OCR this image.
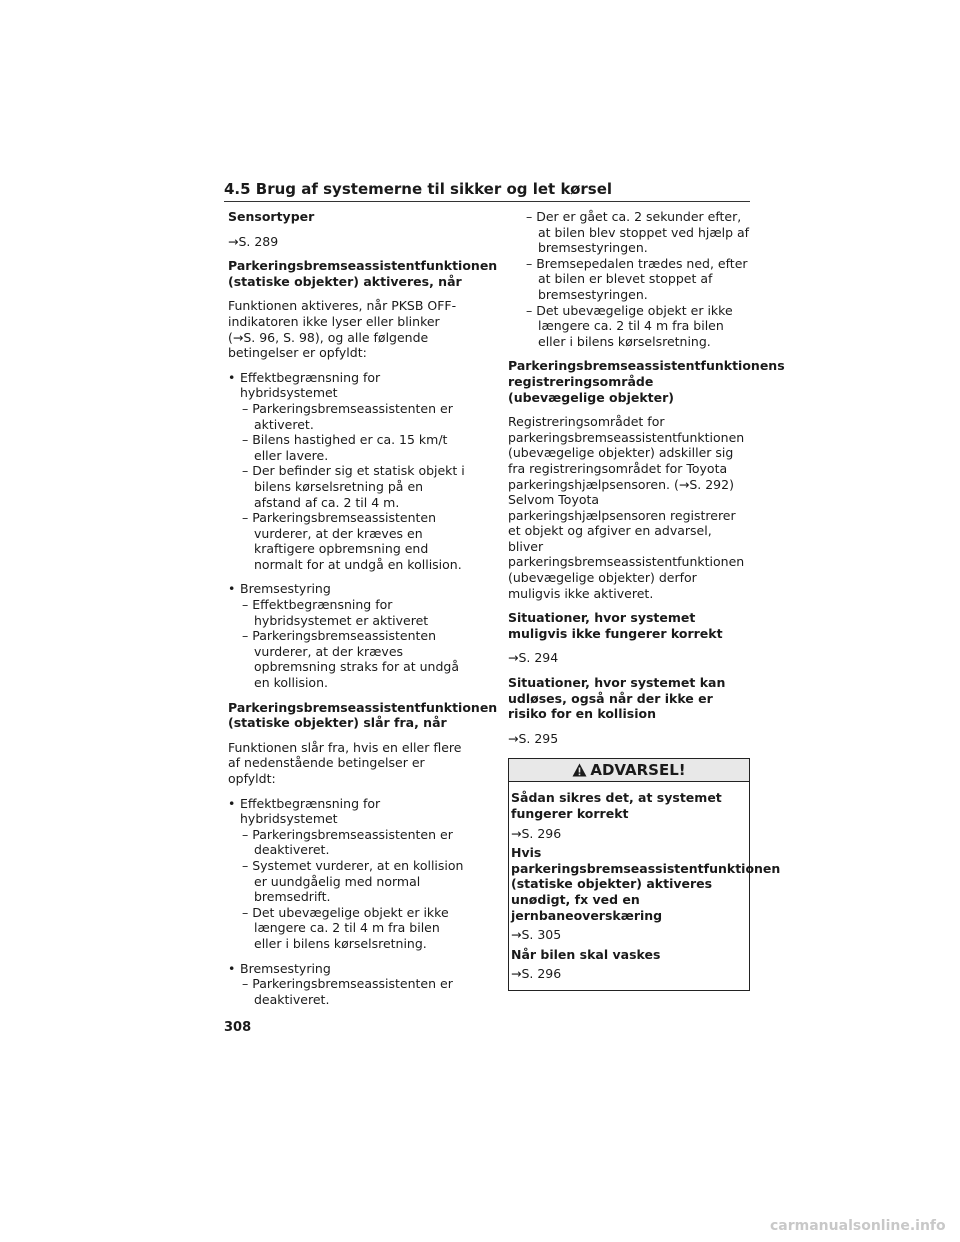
4.5 Brug af systemerne til sikker og let kørsel
Sensortyper
→S. 289
Parkeringsbremseassistentfunktionen (statiske objekter) aktiveres, når
Funktionen aktiveres, når PKSB OFF-indikatoren ikke lyser eller blinker (→S. 96, S. 98), og alle følgende betingelser er opfyldt:
• Effektbegrænsning for hybridsystemet
– Parkeringsbremseassistenten er aktiveret.
– Bilens hastighed er ca. 15 km/t eller lavere.
– Der befinder sig et statisk objekt i bilens kørselsretning på en afstand af ca. 2 til 4 m.
– Parkeringsbremseassistenten vurderer, at der kræves en kraftigere opbremsning end normalt for at undgå en kollision.
• Bremsestyring
– Effektbegrænsning for hybridsystemet er aktiveret
– Parkeringsbremseassistenten vurderer, at der kræves opbremsning straks for at undgå en kollision.
Parkeringsbremseassistentfunktionen (statiske objekter) slår fra, når
Funktionen slår fra, hvis en eller flere af nedenstående betingelser er opfyldt:
• Effektbegrænsning for hybridsystemet
– Parkeringsbremseassistenten er deaktiveret.
– Systemet vurderer, at en kollision er uundgåelig med normal bremsedrift.
– Det ubevægelige objekt er ikke længere ca. 2 til 4 m fra bilen eller i bilens kørselsretning.
• Bremsestyring
– Parkeringsbremseassistenten er deaktiveret.
– Der er gået ca. 2 sekunder efter, at bilen blev stoppet ved hjælp af bremsestyringen.
– Bremsepedalen trædes ned, efter at bilen er blevet stoppet af bremsestyringen.
– Det ubevægelige objekt er ikke længere ca. 2 til 4 m fra bilen eller i bilens kørselsretning.
Parkeringsbremseassistentfunktionens registreringsområde (ubevægelige objekter)
Registreringsområdet for parkeringsbremseassistentfunktionen (ubevægelige objekter) adskiller sig fra registreringsområdet for Toyota parkeringshjælpsensoren. (→S. 292) Selvom Toyota parkeringshjælpsensoren registrerer et objekt og afgiver en advarsel, bliver parkeringsbremseassistentfunktionen (ubevægelige objekter) derfor muligvis ikke aktiveret.
Situationer, hvor systemet muligvis ikke fungerer korrekt
→S. 294
Situationer, hvor systemet kan udløses, også når der ikke er risiko for en kollision
→S. 295
ADVARSEL!
Sådan sikres det, at systemet fungerer korrekt
→S. 296
Hvis parkeringsbremseassistentfunktionen (statiske objekter) aktiveres unødigt, fx ved en jernbaneoverskæring
→S. 305
Når bilen skal vaskes
→S. 296
308
carmanualsonline.info
